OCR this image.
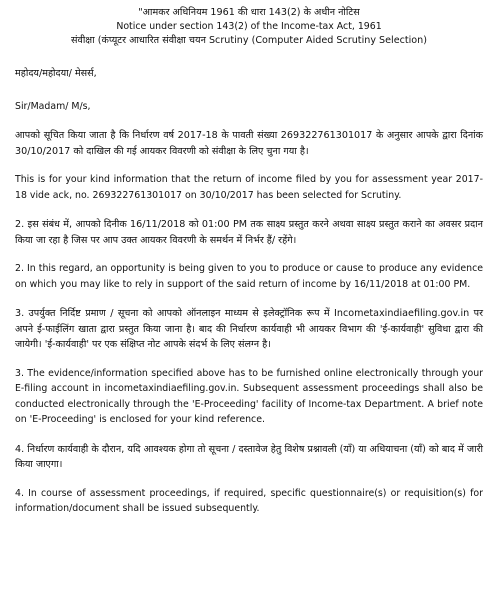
"आमकर अधिनियम 1961 की धारा 143(2) के अधीन नोटिस
Notice under section 143(2) of the Income-tax Act, 1961
संवीक्षा (कंप्यूटर आधारित संवीक्षा चयन Scrutiny (Computer Aided Scrutiny Selection)

महोदय/महोदया/ मेसर्स,

Sir/Madam/ M/s,

आपको सूचित किया जाता है कि निर्धारण वर्ष 2017-18 के पावती संख्या 269322761301017 के अनुसार आपके द्वारा दिनांक 30/10/2017 को दाखिल की गई आयकर विवरणी को संवीक्षा के लिए चुना गया है।

This is for your kind information that the return of income filed by you for assessment year 2017-18 vide ack, no. 269322761301017 on 30/10/2017 has been selected for Scrutiny.

2. इस संबंध में, आपको दिनीक 16/11/2018 को 01:00 PM तक साक्ष्य प्रस्तुत करने अथवा साक्ष्य प्रस्तुत कराने का अवसर प्रदान किया जा रहा है जिस पर आप उक्त आयकर विवरणी के समर्थन में निर्भर हैं/ रहेंगे।

2. In this regard, an opportunity is being given to you to produce or cause to produce any evidence on which you may like to rely in support of the said return of income by 16/11/2018 at 01:00 PM.

3. उपर्युक्त निर्दिष्ट प्रमाण / सूचना को आपको ऑनलाइन माध्यम से इलेक्ट्रॉनिक रूप में Incometaxindiaefiling.gov.in पर अपने ई-फाईलिंग खाता द्वारा प्रस्तुत किया जाना है। बाद की निर्धारण कार्यवाही भी आयकर विभाग की 'ई-कार्यवाही' सुविधा द्वारा की जायेगी। 'ई-कार्यवाही' पर एक संक्षिप्त नोट आपके संदर्भ के लिए संलग्न है।

3. The evidence/information specified above has to be furnished online electronically through your E-filing account in incometaxindiaefiling.gov.in. Subsequent assessment proceedings shall also be conducted electronically through the 'E-Proceeding' facility of Income-tax Department. A brief note on 'E-Proceeding' is enclosed for your kind reference.

4. निर्धारण कार्यवाही के दौरान, यदि आवश्यक होगा तो सूचना / दस्तावेज हेतु विशेष प्रश्नावली (याँ) या अधियाचना (याँ) को बाद में जारी किया जाएगा।

4. In course of assessment proceedings, if required, specific questionnaire(s) or requisition(s) for information/document shall be issued subsequently.
